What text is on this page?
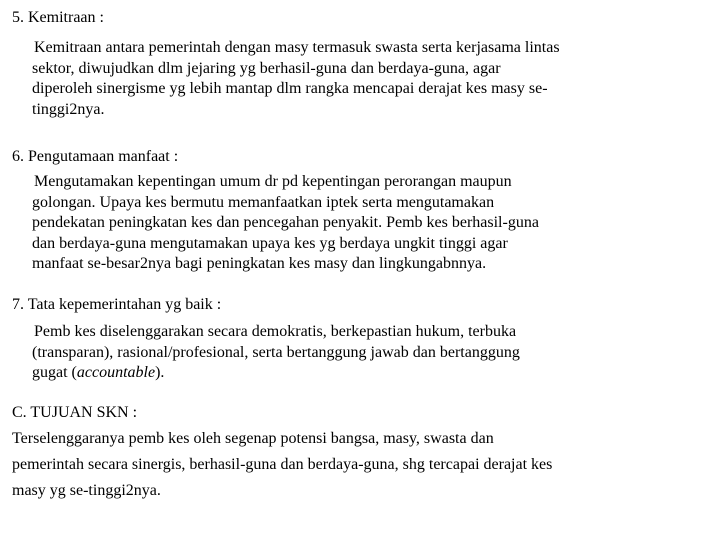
5. Kemitraan :
Kemitraan antara pemerintah dengan masy termasuk swasta serta kerjasama lintas
sektor, diwujudkan dlm jejaring yg berhasil-guna dan berdaya-guna, agar
diperoleh sinergisme yg lebih mantap dlm rangka mencapai derajat kes masy se-
tinggi2nya.
6. Pengutamaan manfaat :
Mengutamakan kepentingan umum dr pd kepentingan perorangan maupun
golongan. Upaya kes bermutu memanfaatkan iptek serta mengutamakan
pendekatan peningkatan kes dan pencegahan penyakit. Pemb kes berhasil-guna
dan berdaya-guna mengutamakan upaya kes yg berdaya ungkit tinggi agar
manfaat se-besar2nya bagi peningkatan kes masy dan lingkungabnnya.
7. Tata kepemerintahan yg baik :
Pemb kes diselenggarakan secara demokratis, berkepastian hukum, terbuka
(transparan), rasional/profesional, serta bertanggung jawab dan bertanggung
gugat (accountable).
C. TUJUAN SKN :
Terselenggaranya pemb kes oleh segenap potensi bangsa, masy, swasta dan
pemerintah secara sinergis, berhasil-guna dan berdaya-guna, shg tercapai derajat kes
masy yg se-tinggi2nya.
